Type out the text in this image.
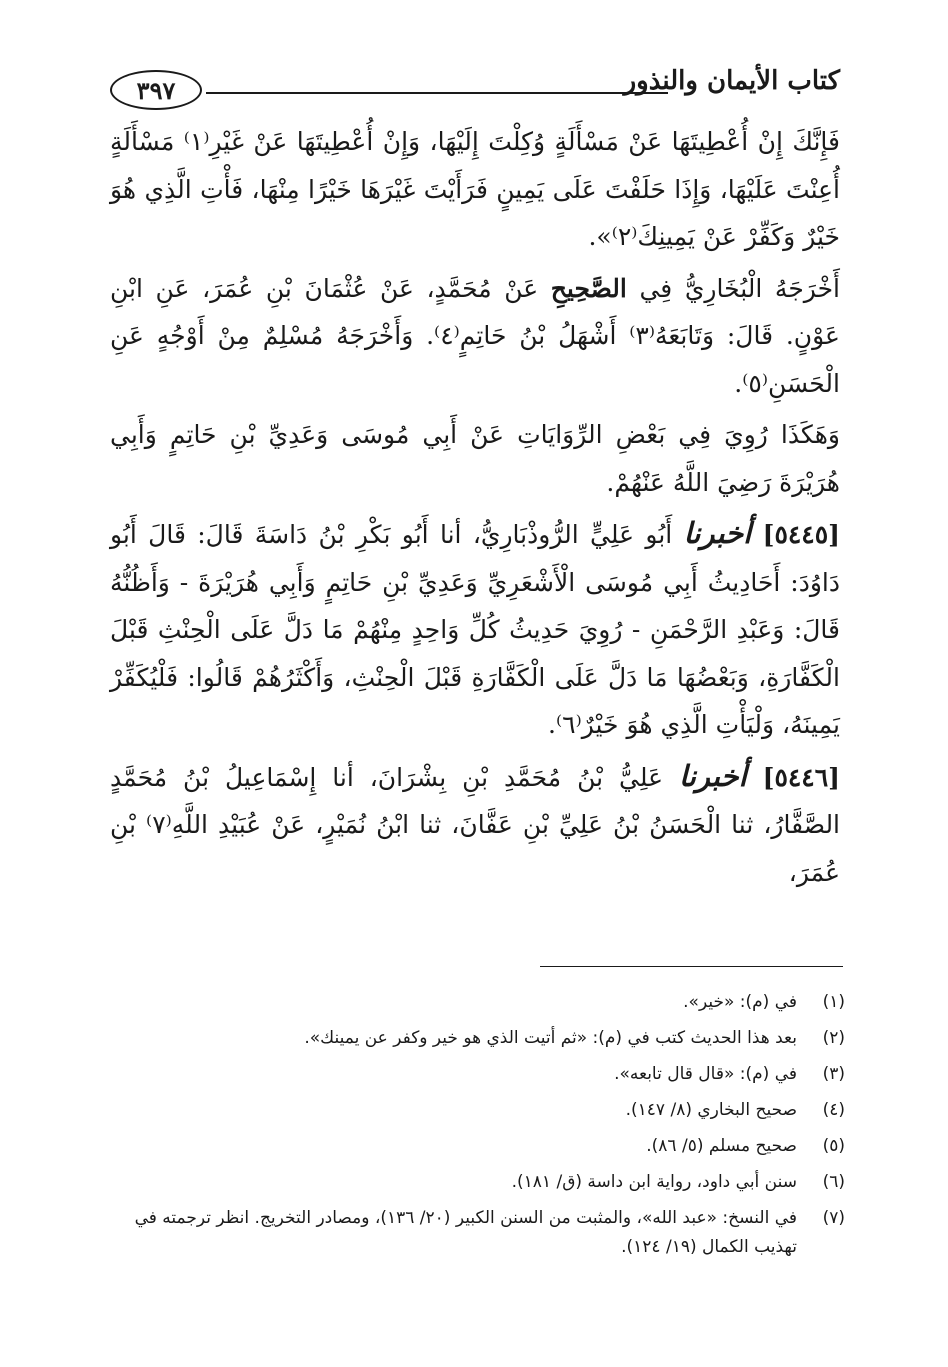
كتاب الأيمان والنذور
٣٩٧

فَإِنَّكَ إِنْ أُعْطِيتَهَا عَنْ مَسْأَلَةٍ وُكِلْتَ إِلَيْهَا، وَإِنْ أُعْطِيتَهَا عَنْ غَيْرِ⁽١⁾ مَسْأَلَةٍ أُعِنْتَ عَلَيْهَا، وَإِذَا حَلَفْتَ عَلَى يَمِينٍ فَرَأَيْتَ غَيْرَهَا خَيْرًا مِنْهَا، فَأْتِ الَّذِي هُوَ خَيْرٌ وَكَفِّرْ عَنْ يَمِينِكَ⁽٢⁾».

أَخْرَجَهُ الْبُخَارِيُّ فِي الصَّحِيحِ عَنْ مُحَمَّدٍ، عَنْ عُثْمَانَ بْنِ عُمَرَ، عَنِ ابْنِ عَوْنٍ. قَالَ: وَتَابَعَهُ⁽٣⁾ أَشْهَلُ بْنُ حَاتِمٍ⁽٤⁾. وَأَخْرَجَهُ مُسْلِمٌ مِنْ أَوْجُهٍ عَنِ الْحَسَنِ⁽٥⁾.

وَهَكَذَا رُوِيَ فِي بَعْضِ الرِّوَايَاتِ عَنْ أَبِي مُوسَى وَعَدِيِّ بْنِ حَاتِمٍ وَأَبِي هُرَيْرَةَ رَضِيَ اللَّهُ عَنْهُمْ.

[٥٤٤٥] أخبرنا أَبُو عَلِيٍّ الرُّوذْبَارِيُّ، أنا أَبُو بَكْرِ بْنُ دَاسَةَ قَالَ: قَالَ أَبُو دَاوُدَ: أَحَادِيثُ أَبِي مُوسَى الْأَشْعَرِيِّ وَعَدِيِّ بْنِ حَاتِمٍ وَأَبِي هُرَيْرَةَ - وَأَظُنُّهُ قَالَ: وَعَبْدِ الرَّحْمَنِ - رُوِيَ حَدِيثُ كُلِّ وَاحِدٍ مِنْهُمْ مَا دَلَّ عَلَى الْحِنْثِ قَبْلَ الْكَفَّارَةِ، وَبَعْضُهَا مَا دَلَّ عَلَى الْكَفَّارَةِ قَبْلَ الْحِنْثِ، وَأَكْثَرُهُمْ قَالُوا: فَلْيُكَفِّرْ يَمِينَهُ، وَلْيَأْتِ الَّذِي هُوَ خَيْرٌ⁽٦⁾.

[٥٤٤٦] أخبرنا عَلِيُّ بْنُ مُحَمَّدِ بْنِ بِشْرَانَ، أنا إِسْمَاعِيلُ بْنُ مُحَمَّدٍ الصَّفَّارُ، ثنا الْحَسَنُ بْنُ عَلِيِّ بْنِ عَفَّانَ، ثنا ابْنُ نُمَيْرٍ، عَنْ عُبَيْدِ اللَّهِ⁽٧⁾ بْنِ عُمَرَ،

(١)
في (م): «خير».
(٢)
بعد هذا الحديث كتب في (م): «ثم أتيت الذي هو خير وكفر عن يمينك».
(٣)
في (م): «قال قال تابعه».
(٤)
صحيح البخاري (٨/ ١٤٧).
(٥)
صحيح مسلم (٥/ ٨٦).
(٦)
سنن أبي داود، رواية ابن داسة (ق/ ١٨١).
(٧)
في النسخ: «عبد الله»، والمثبت من السنن الكبير (٢٠/ ١٣٦)، ومصادر التخريج. انظر ترجمته في تهذيب الكمال (١٩/ ١٢٤).
